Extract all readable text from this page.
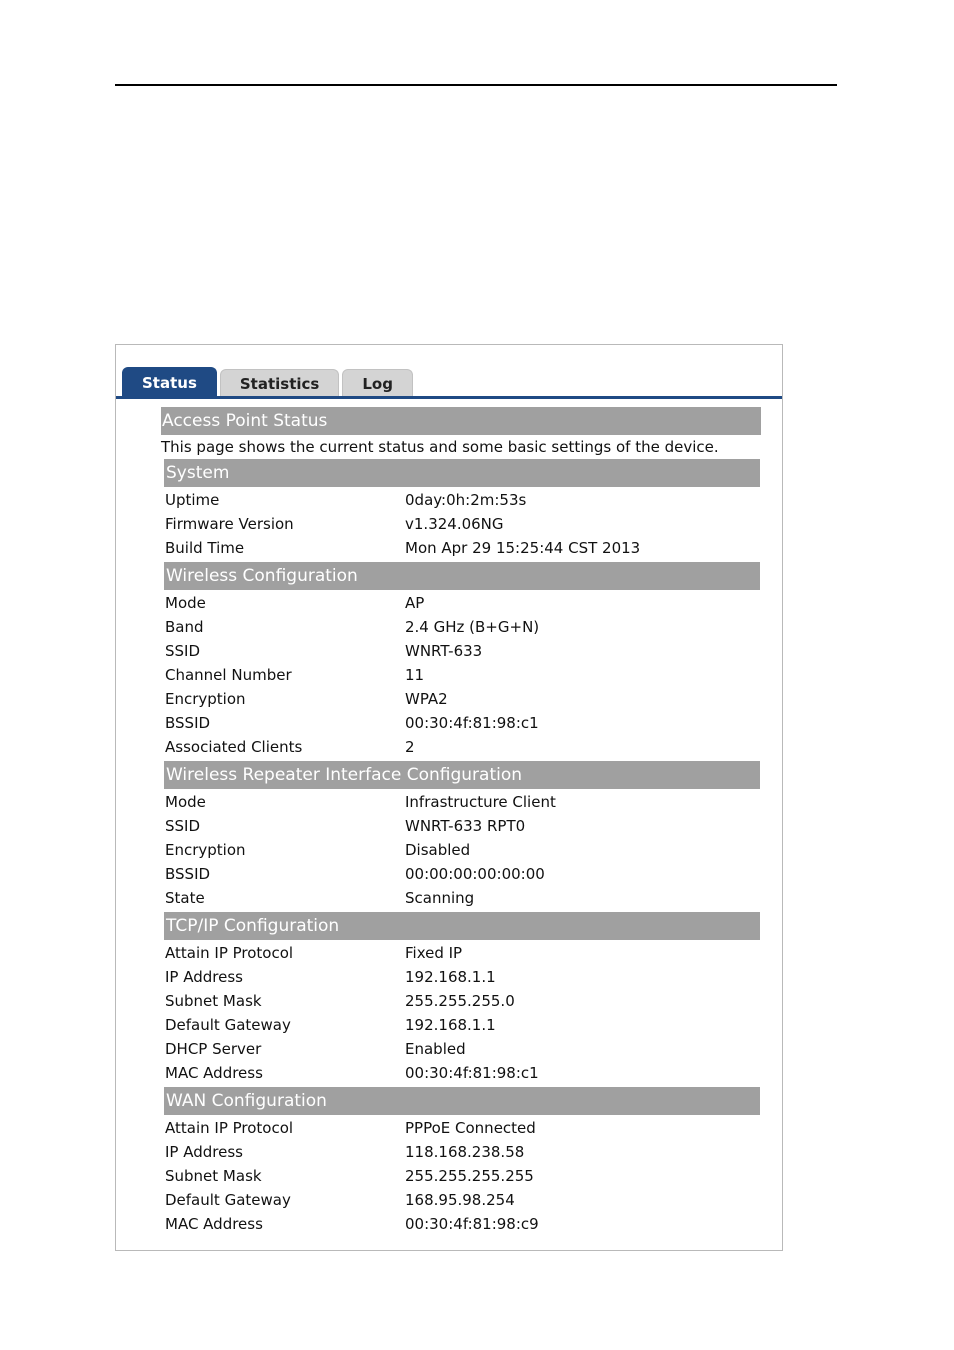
Status	Statistics	Log
Access Point Status
This page shows the current status and some basic settings of the device.
System
Uptime	0day:0h:2m:53s
Firmware Version	v1.324.06NG
Build Time	Mon Apr 29 15:25:44 CST 2013
Wireless Configuration
Mode	AP
Band	2.4 GHz (B+G+N)
SSID	WNRT-633
Channel Number	11
Encryption	WPA2
BSSID	00:30:4f:81:98:c1
Associated Clients	2
Wireless Repeater Interface Configuration
Mode	Infrastructure Client
SSID	WNRT-633 RPT0
Encryption	Disabled
BSSID	00:00:00:00:00:00
State	Scanning
TCP/IP Configuration
Attain IP Protocol	Fixed IP
IP Address	192.168.1.1
Subnet Mask	255.255.255.0
Default Gateway	192.168.1.1
DHCP Server	Enabled
MAC Address	00:30:4f:81:98:c1
WAN Configuration
Attain IP Protocol	PPPoE Connected
IP Address	118.168.238.58
Subnet Mask	255.255.255.255
Default Gateway	168.95.98.254
MAC Address	00:30:4f:81:98:c9
